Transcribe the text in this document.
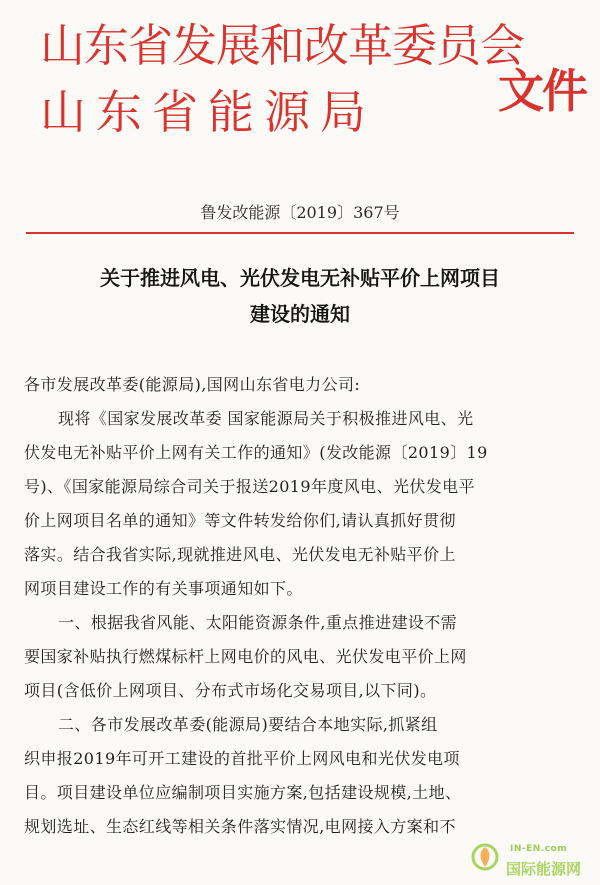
山东省发展和改革委员会
山东省能源局	文件
鲁发改能源〔2019〕367号
关于推进风电、光伏发电无补贴平价上网项目
建设的通知
各市发展改革委(能源局),国网山东省电力公司:
现将《国家发展改革委 国家能源局关于积极推进风电、光
伏发电无补贴平价上网有关工作的通知》(发改能源〔2019〕19
号)、《国家能源局综合司关于报送2019年度风电、光伏发电平
价上网项目名单的通知》等文件转发给你们,请认真抓好贯彻
落实。结合我省实际,现就推进风电、光伏发电无补贴平价上
网项目建设工作的有关事项通知如下。
一、根据我省风能、太阳能资源条件,重点推进建设不需
要国家补贴执行燃煤标杆上网电价的风电、光伏发电平价上网
项目(含低价上网项目、分布式市场化交易项目,以下同)。
二、各市发展改革委(能源局)要结合本地实际,抓紧组
织申报2019年可开工建设的首批平价上网风电和光伏发电项
目。项目建设单位应编制项目实施方案,包括建设规模,土地、
规划选址、生态红线等相关条件落实情况,电网接入方案和不
IN-EN.com
国际能源网
